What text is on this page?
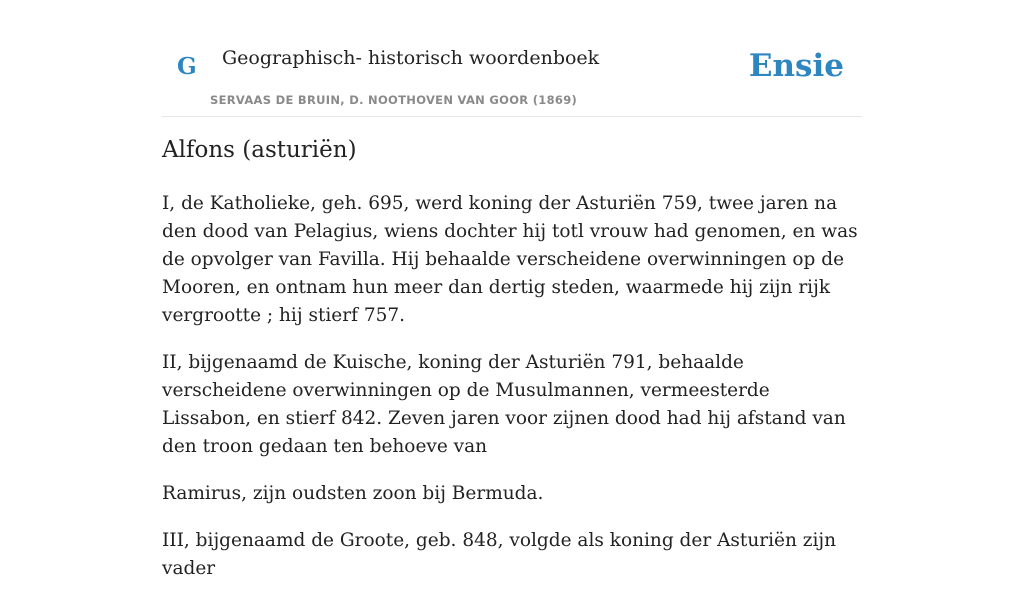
G Geographisch- historisch woordenboek
SERVAAS DE BRUIN, D. NOOTHOVEN VAN GOOR (1869)
Ensie
Alfons (asturiën)

I, de Katholieke, geh. 695, werd koning der Asturiën 759, twee jaren na den dood van Pelagius, wiens dochter hij totl vrouw had genomen, en was de opvolger van Favilla. Hij behaalde verscheidene overwinningen op de Mooren, en ontnam hun meer dan dertig steden, waarmede hij zijn rijk vergrootte ; hij stierf 757.

II, bijgenaamd de Kuische, koning der Asturiën 791, behaalde verscheidene overwinningen op de Musulmannen, vermeesterde Lissabon, en stierf 842. Zeven jaren voor zijnen dood had hij afstand van den troon gedaan ten behoeve van

Ramirus, zijn oudsten zoon bij Bermuda.

III, bijgenaamd de Groote, geb. 848, volgde als koning der Asturiën zijn vader
